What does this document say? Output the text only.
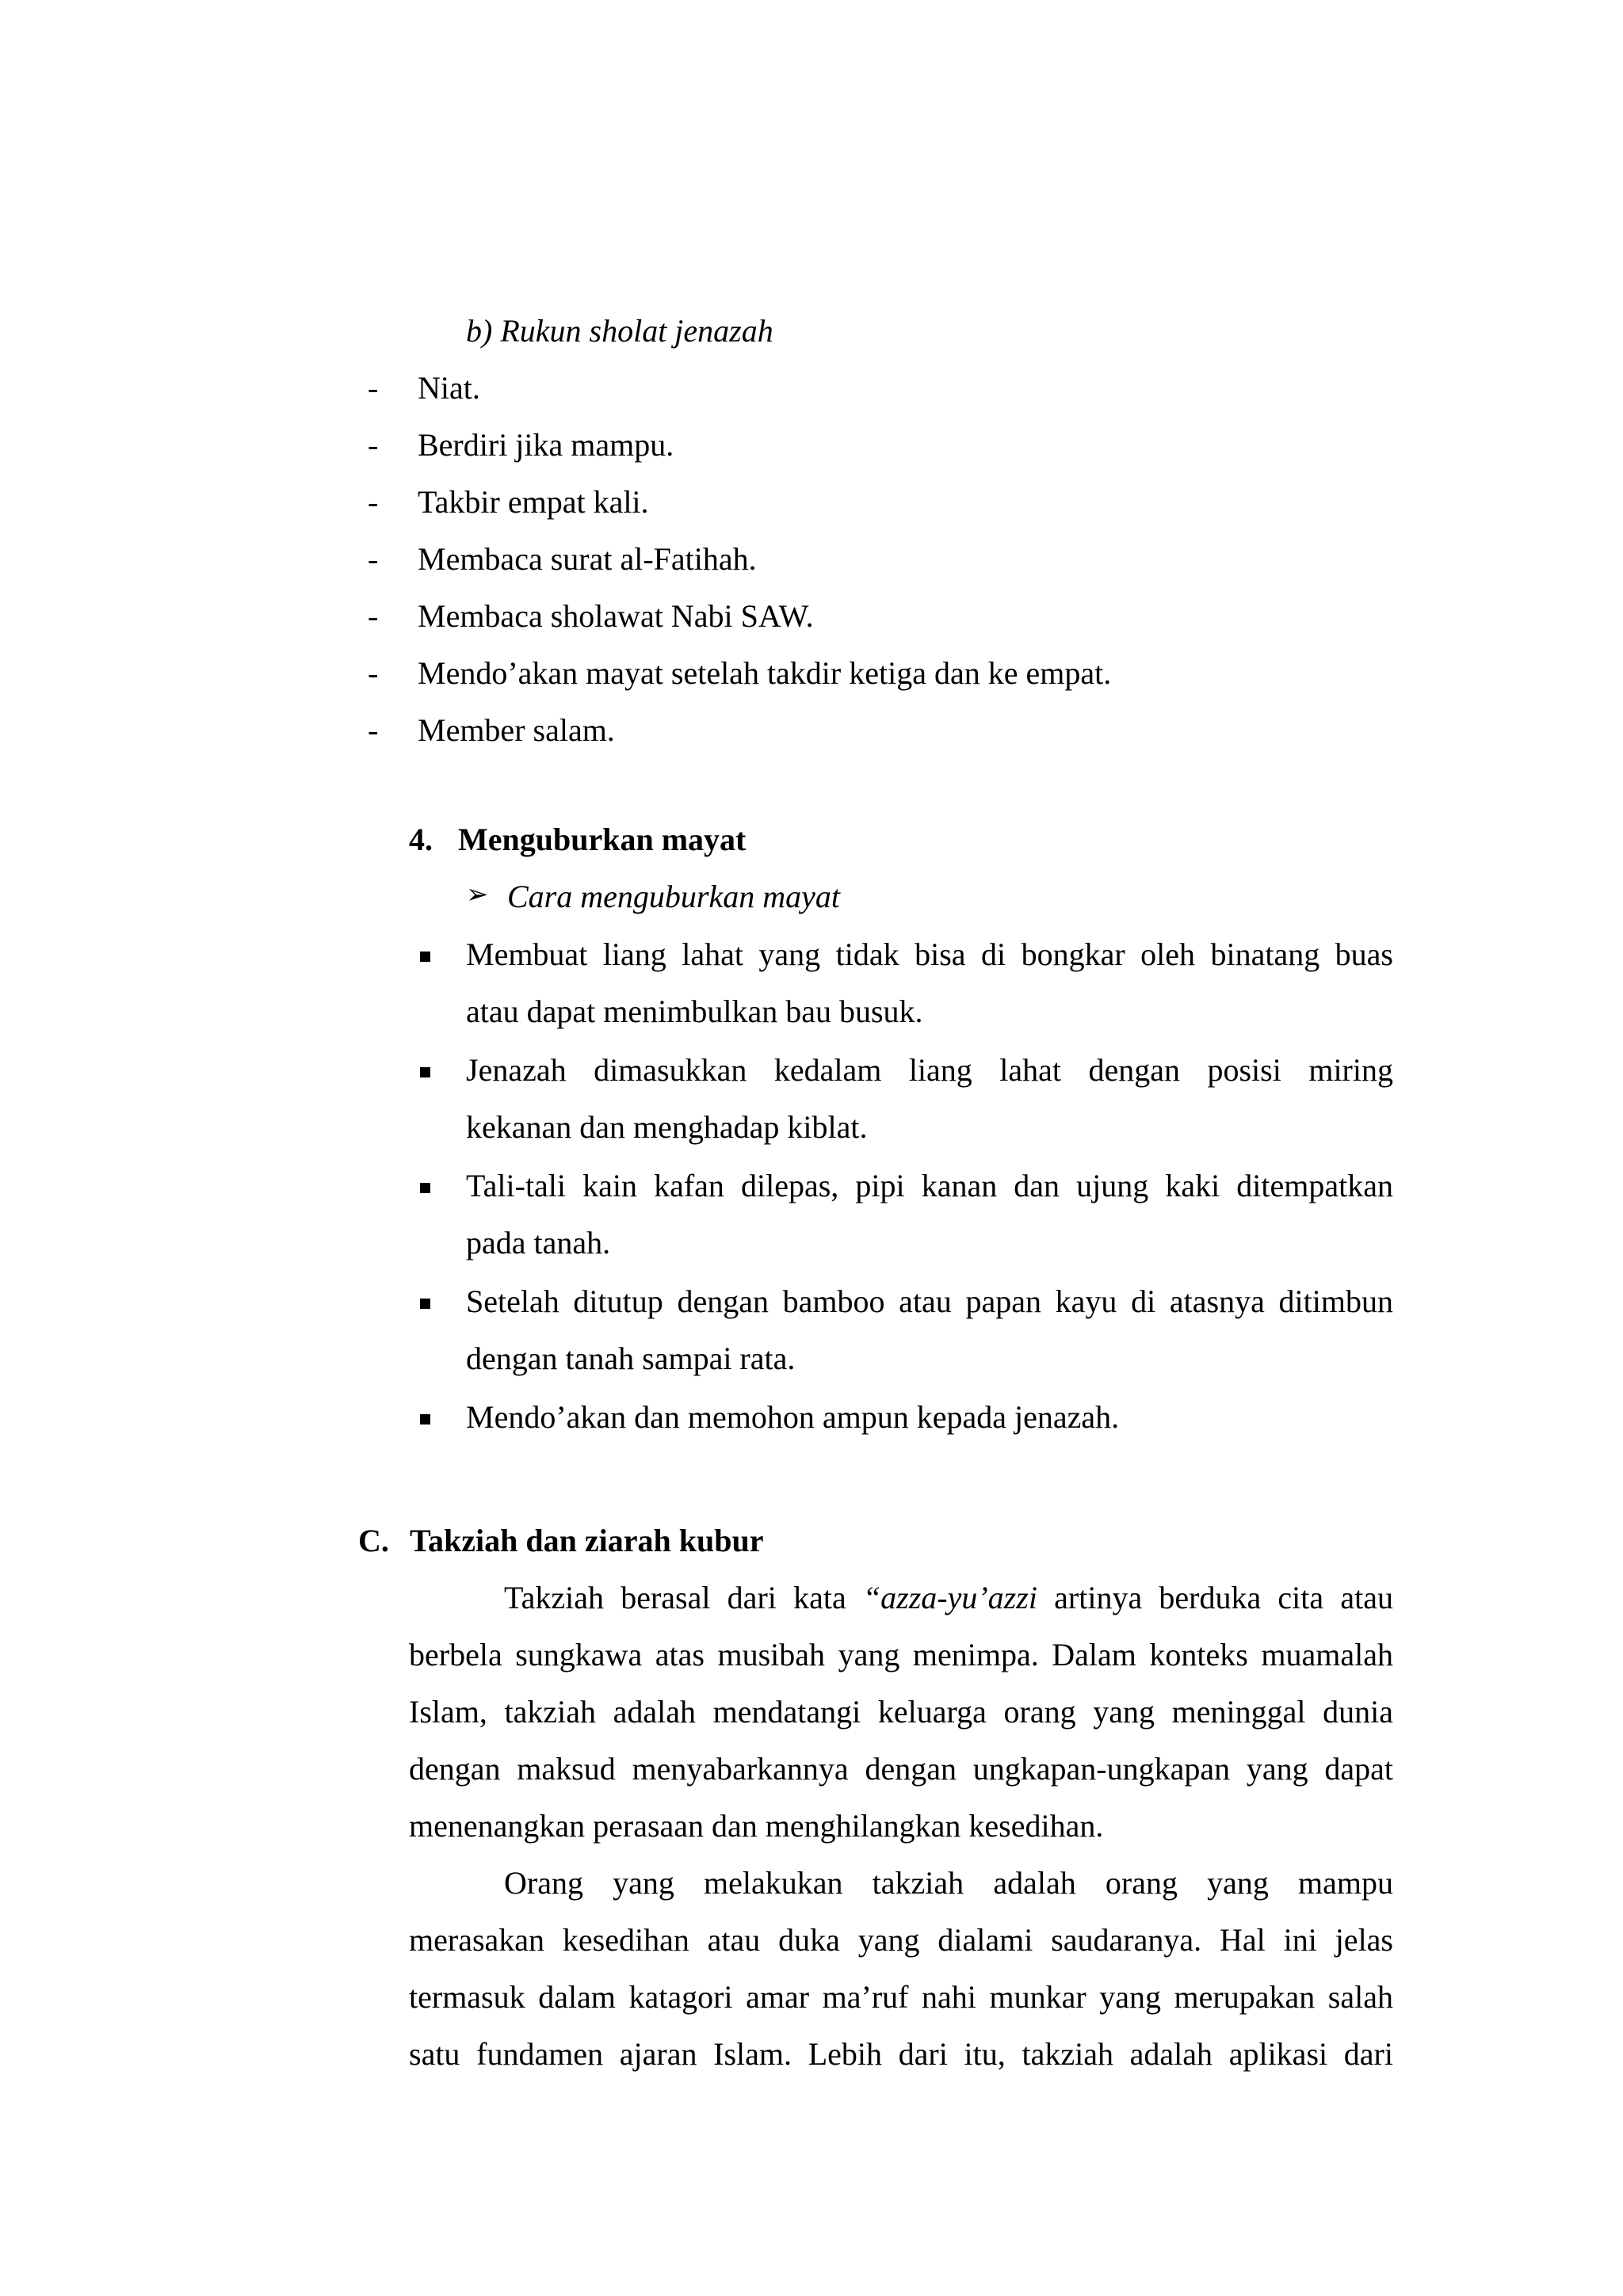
b) Rukun sholat jenazah
- Niat.
- Berdiri jika mampu.
- Takbir empat kali.
- Membaca surat al-Fatihah.
- Membaca sholawat Nabi SAW.
- Mendo’akan mayat setelah takdir ketiga dan ke empat.
- Member salam.
4. Menguburkan mayat
➢ Cara menguburkan mayat
Membuat liang lahat yang tidak bisa di bongkar oleh binatang buas
atau dapat menimbulkan bau busuk.
Jenazah dimasukkan kedalam liang lahat dengan posisi miring
kekanan dan menghadap kiblat.
Tali-tali kain kafan dilepas, pipi kanan dan ujung kaki ditempatkan
pada tanah.
Setelah ditutup dengan bamboo atau papan kayu di atasnya ditimbun
dengan tanah sampai rata.
Mendo’akan dan memohon ampun kepada jenazah.
C. Takziah dan ziarah kubur
Takziah berasal dari kata “azza-yu’azzi artinya berduka cita atau
berbela sungkawa atas musibah yang menimpa. Dalam konteks muamalah
Islam, takziah adalah mendatangi keluarga orang yang meninggal dunia
dengan maksud menyabarkannya dengan ungkapan-ungkapan yang dapat
menenangkan perasaan dan menghilangkan kesedihan.
Orang yang melakukan takziah adalah orang yang mampu
merasakan kesedihan atau duka yang dialami saudaranya. Hal ini jelas
termasuk dalam katagori amar ma’ruf nahi munkar yang merupakan salah
satu fundamen ajaran Islam. Lebih dari itu, takziah adalah aplikasi dari
